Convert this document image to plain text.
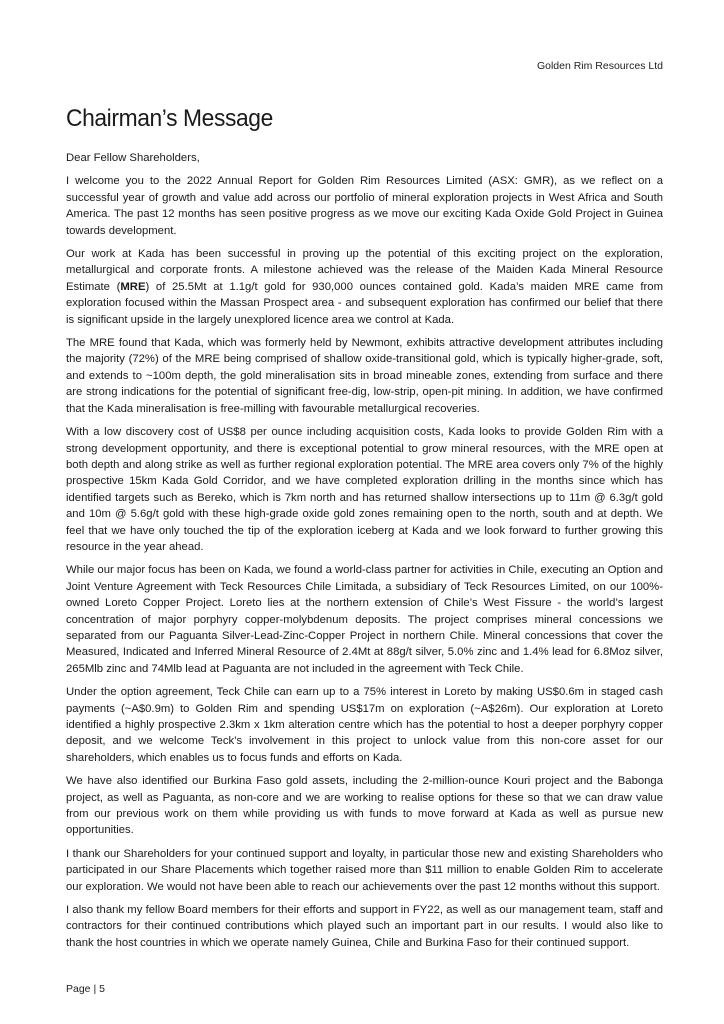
Golden Rim Resources Ltd
Chairman’s Message

Dear Fellow Shareholders,

I welcome you to the 2022 Annual Report for Golden Rim Resources Limited (ASX: GMR), as we reflect on a successful year of growth and value add across our portfolio of mineral exploration projects in West Africa and South America. The past 12 months has seen positive progress as we move our exciting Kada Oxide Gold Project in Guinea towards development.

Our work at Kada has been successful in proving up the potential of this exciting project on the exploration, metallurgical and corporate fronts. A milestone achieved was the release of the Maiden Kada Mineral Resource Estimate (MRE) of 25.5Mt at 1.1g/t gold for 930,000 ounces contained gold. Kada’s maiden MRE came from exploration focused within the Massan Prospect area - and subsequent exploration has confirmed our belief that there is significant upside in the largely unexplored licence area we control at Kada.

The MRE found that Kada, which was formerly held by Newmont, exhibits attractive development attributes including the majority (72%) of the MRE being comprised of shallow oxide-transitional gold, which is typically higher-grade, soft, and extends to ~100m depth, the gold mineralisation sits in broad mineable zones, extending from surface and there are strong indications for the potential of significant free-dig, low-strip, open-pit mining. In addition, we have confirmed that the Kada mineralisation is free-milling with favourable metallurgical recoveries.

With a low discovery cost of US$8 per ounce including acquisition costs, Kada looks to provide Golden Rim with a strong development opportunity, and there is exceptional potential to grow mineral resources, with the MRE open at both depth and along strike as well as further regional exploration potential. The MRE area covers only 7% of the highly prospective 15km Kada Gold Corridor, and we have completed exploration drilling in the months since which has identified targets such as Bereko, which is 7km north and has returned shallow intersections up to 11m @ 6.3g/t gold and 10m @ 5.6g/t gold with these high-grade oxide gold zones remaining open to the north, south and at depth. We feel that we have only touched the tip of the exploration iceberg at Kada and we look forward to further growing this resource in the year ahead.

While our major focus has been on Kada, we found a world-class partner for activities in Chile, executing an Option and Joint Venture Agreement with Teck Resources Chile Limitada, a subsidiary of Teck Resources Limited, on our 100%-owned Loreto Copper Project. Loreto lies at the northern extension of Chile’s West Fissure - the world’s largest concentration of major porphyry copper-molybdenum deposits. The project comprises mineral concessions we separated from our Paguanta Silver-Lead-Zinc-Copper Project in northern Chile. Mineral concessions that cover the Measured, Indicated and Inferred Mineral Resource of 2.4Mt at 88g/t silver, 5.0% zinc and 1.4% lead for 6.8Moz silver, 265Mlb zinc and 74Mlb lead at Paguanta are not included in the agreement with Teck Chile.

Under the option agreement, Teck Chile can earn up to a 75% interest in Loreto by making US$0.6m in staged cash payments (~A$0.9m) to Golden Rim and spending US$17m on exploration (~A$26m). Our exploration at Loreto identified a highly prospective 2.3km x 1km alteration centre which has the potential to host a deeper porphyry copper deposit, and we welcome Teck’s involvement in this project to unlock value from this non-core asset for our shareholders, which enables us to focus funds and efforts on Kada.

We have also identified our Burkina Faso gold assets, including the 2-million-ounce Kouri project and the Babonga project, as well as Paguanta, as non-core and we are working to realise options for these so that we can draw value from our previous work on them while providing us with funds to move forward at Kada as well as pursue new opportunities.

I thank our Shareholders for your continued support and loyalty, in particular those new and existing Shareholders who participated in our Share Placements which together raised more than $11 million to enable Golden Rim to accelerate our exploration. We would not have been able to reach our achievements over the past 12 months without this support.

I also thank my fellow Board members for their efforts and support in FY22, as well as our management team, staff and contractors for their continued contributions which played such an important part in our results. I would also like to thank the host countries in which we operate namely Guinea, Chile and Burkina Faso for their continued support.

Page | 5
